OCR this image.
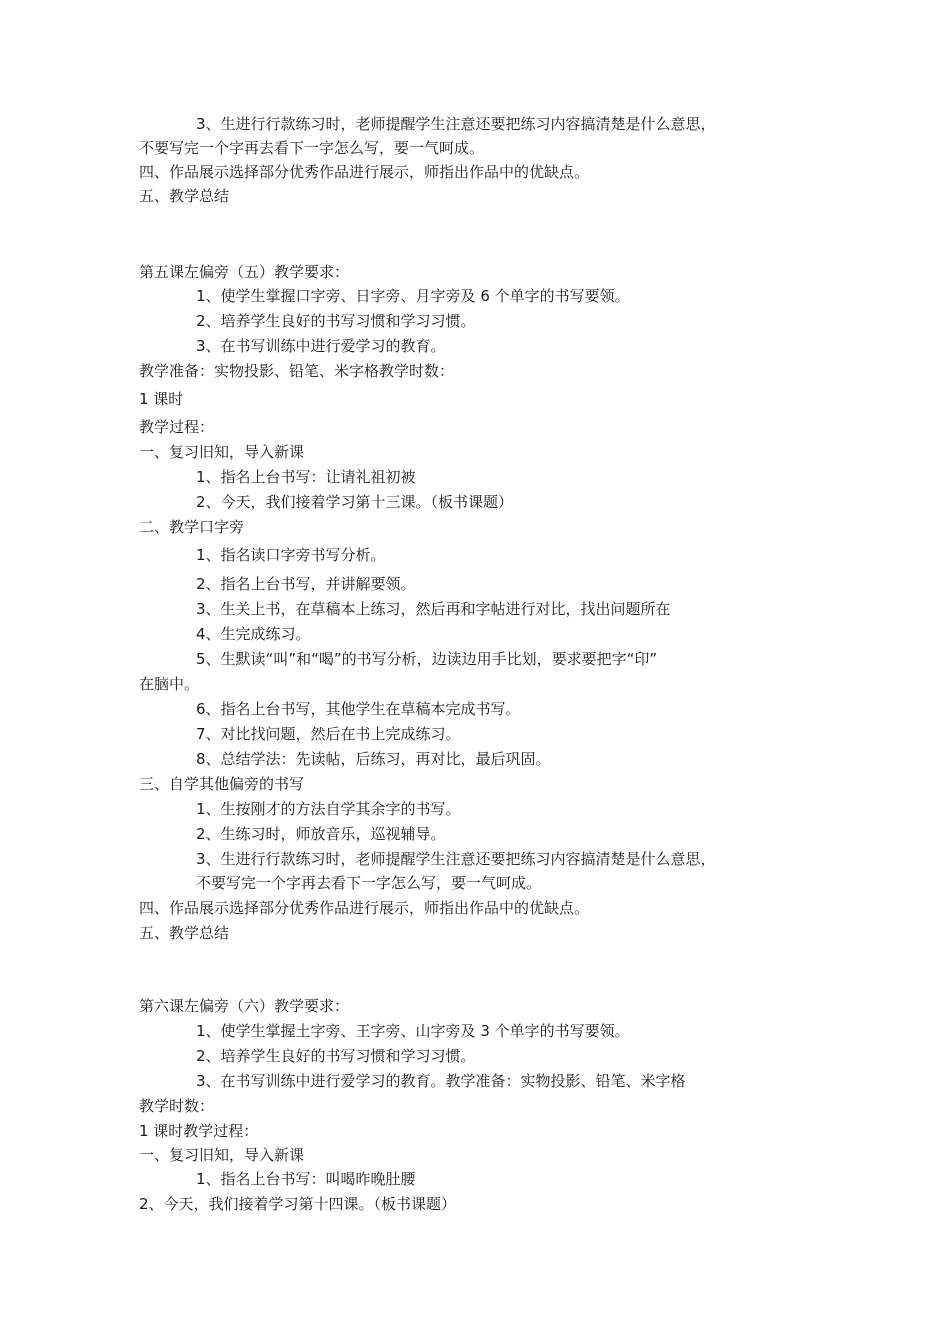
3、生进行行款练习时，老师提醒学生注意还要把练习内容搞清楚是什么意思，
不要写完一个字再去看下一字怎么写，要一气呵成。
四、作品展示选择部分优秀作品进行展示，师指出作品中的优缺点。
五、教学总结
第五课左偏旁（五）教学要求：
1、使学生掌握口字旁、日字旁、月字旁及 6 个单字的书写要领。
2、培养学生良好的书写习惯和学习习惯。
3、在书写训练中进行爱学习的教育。
教学准备：实物投影、铅笔、米字格教学时数：
1 课时
教学过程：
一、复习旧知，导入新课
1、指名上台书写：让请礼祖初被
2、今天，我们接着学习第十三课。（板书课题）
二、教学口字旁
1、指名读口字旁书写分析。
2、指名上台书写，并讲解要领。
3、生关上书，在草稿本上练习，然后再和字帖进行对比，找出问题所在
4、生完成练习。
5、生默读“叫”和“喝”的书写分析，边读边用手比划，要求要把字“印”
在脑中。
6、指名上台书写，其他学生在草稿本完成书写。
7、对比找问题，然后在书上完成练习。
8、总结学法：先读帖，后练习，再对比，最后巩固。
三、自学其他偏旁的书写
1、生按刚才的方法自学其余字的书写。
2、生练习时，师放音乐，巡视辅导。
3、生进行行款练习时，老师提醒学生注意还要把练习内容搞清楚是什么意思，
不要写完一个字再去看下一字怎么写，要一气呵成。
四、作品展示选择部分优秀作品进行展示，师指出作品中的优缺点。
五、教学总结
第六课左偏旁（六）教学要求：
1、使学生掌握土字旁、王字旁、山字旁及 3 个单字的书写要领。
2、培养学生良好的书写习惯和学习习惯。
3、在书写训练中进行爱学习的教育。教学准备：实物投影、铅笔、米字格
教学时数：
1 课时教学过程：
一、复习旧知，导入新课
1、指名上台书写：叫喝昨晚肚腰
2、今天，我们接着学习第十四课。（板书课题）
